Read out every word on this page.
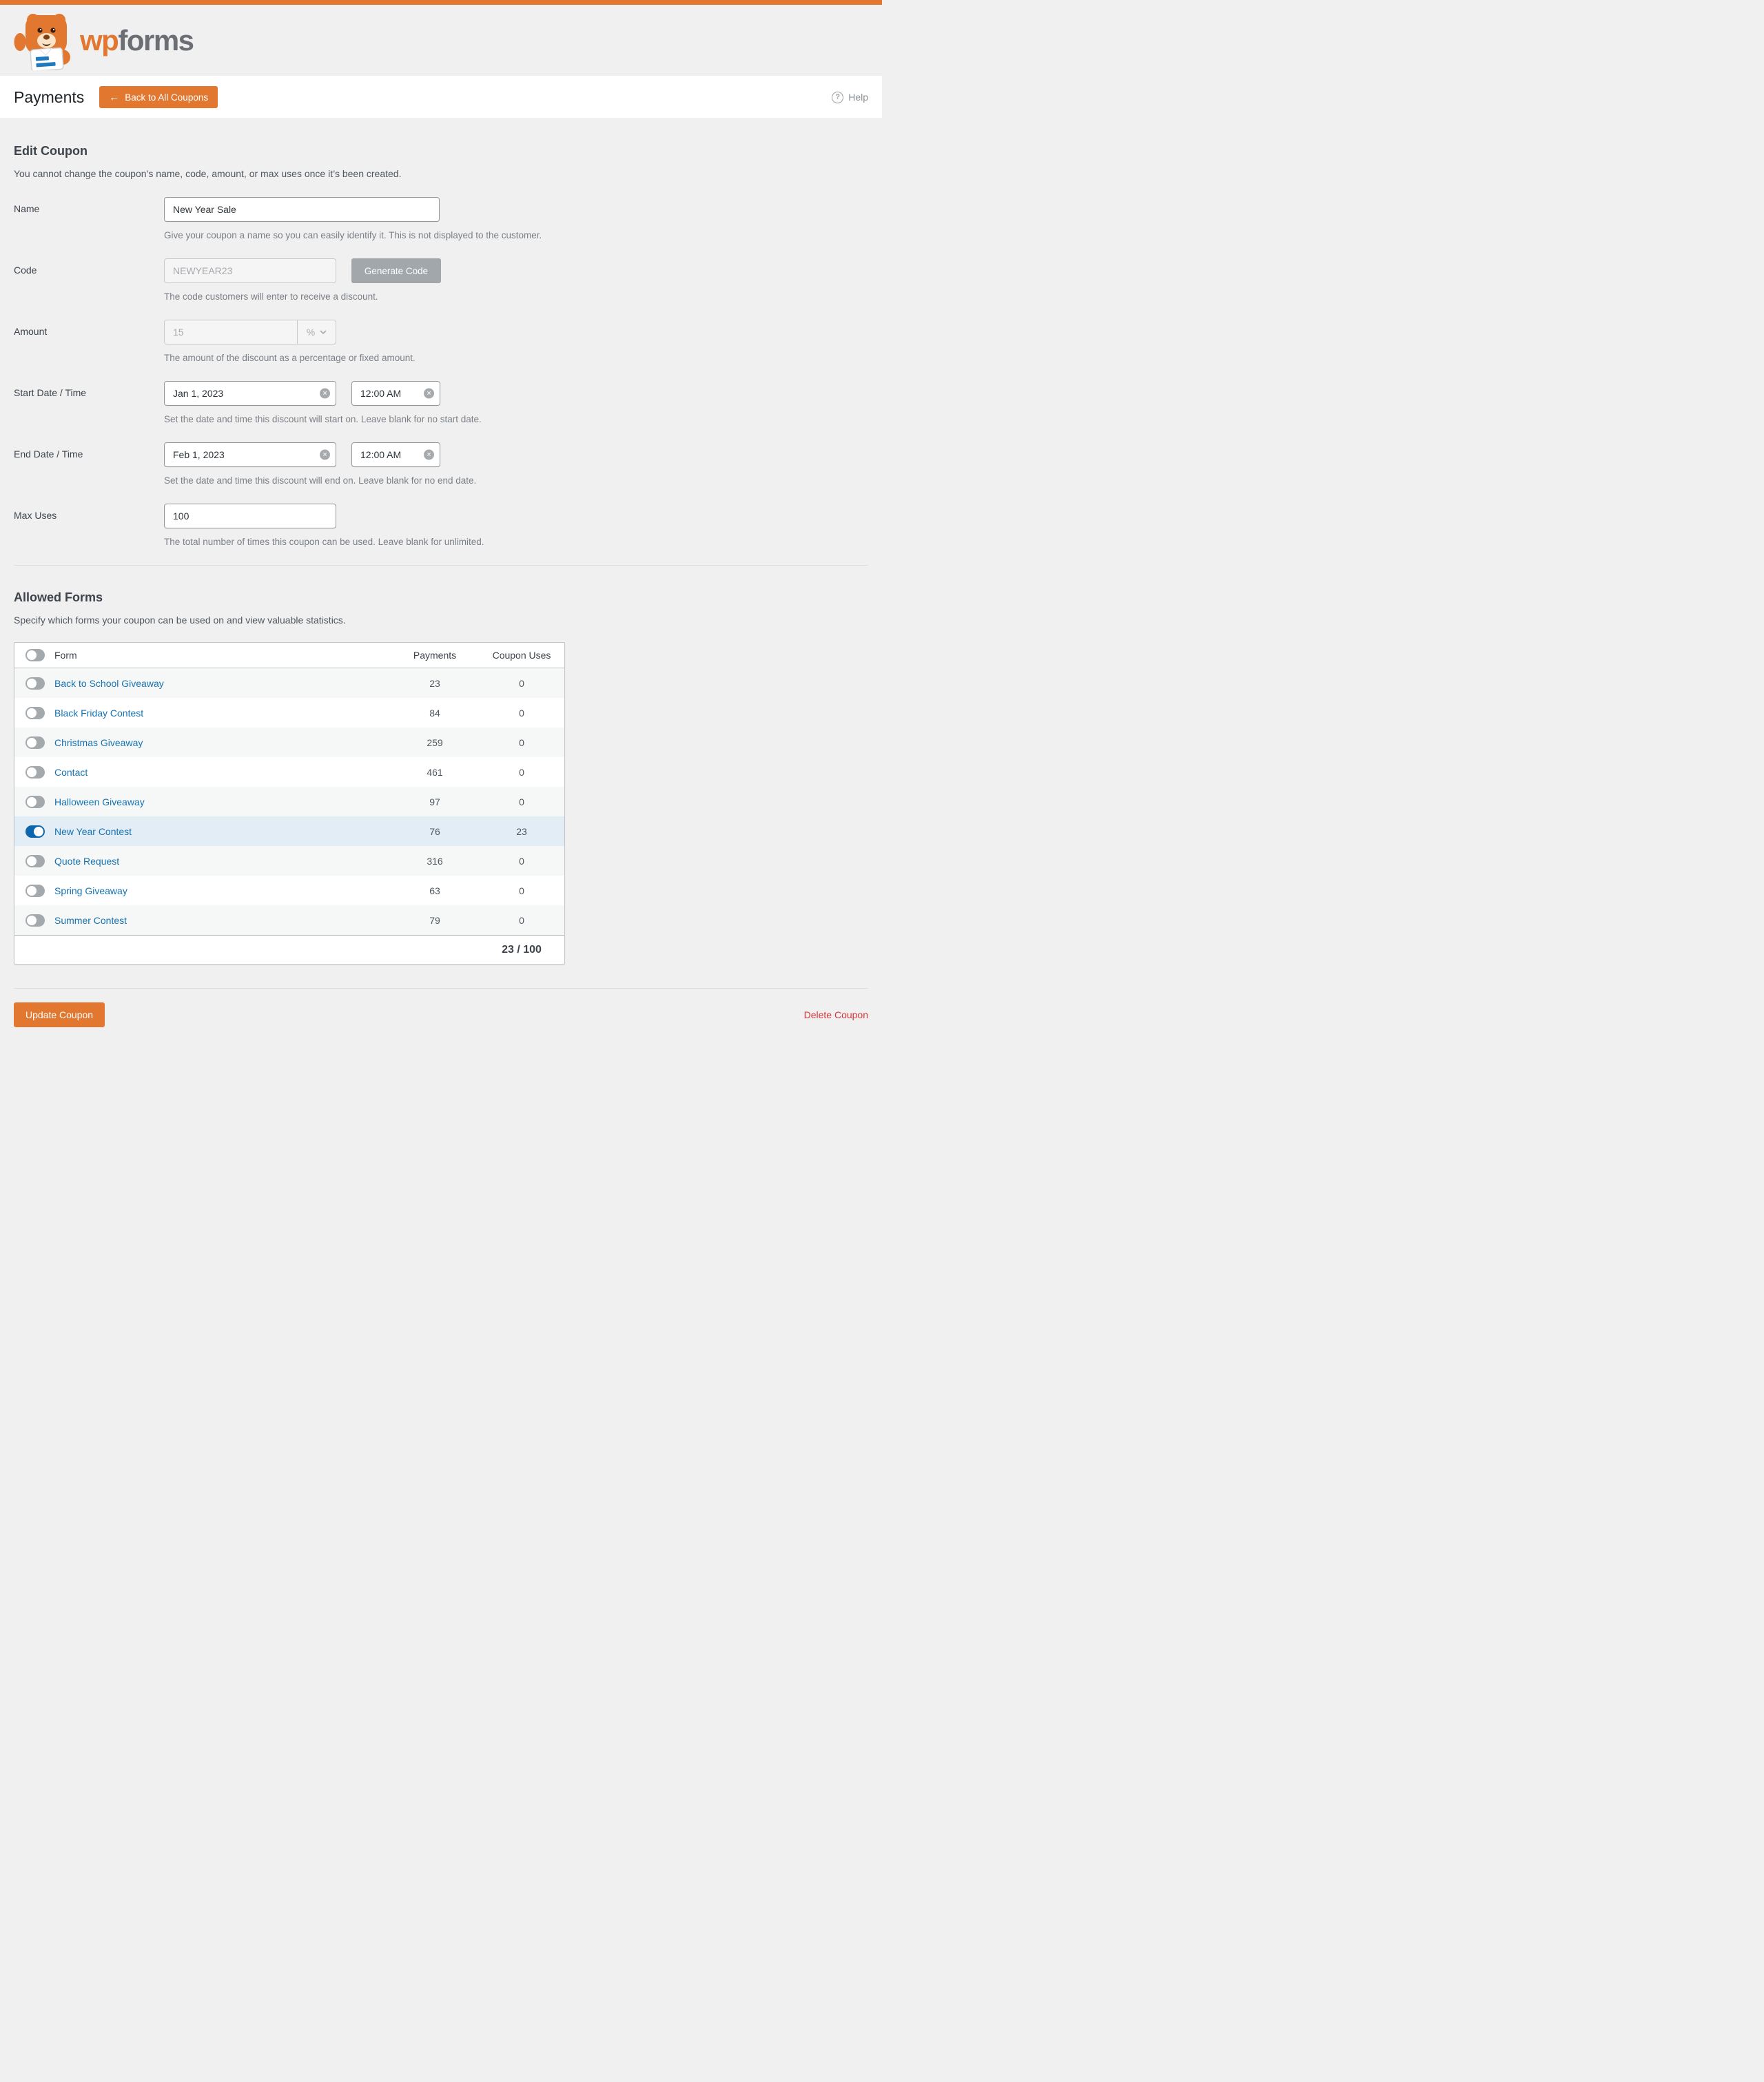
wpforms
Payments ← Back to All Coupons	? Help
Edit Coupon

You cannot change the coupon’s name, code, amount, or max uses once it’s been created.

Name
New Year Sale
Give your coupon a name so you can easily identify it. This is not displayed to the customer.
Code
NEWYEAR23	Generate Code
The code customers will enter to receive a discount.
Amount	15	%
The amount of the discount as a percentage or fixed amount.
Start Date / Time
Jan 1, 2023	✕
12:00 AM	✕
Set the date and time this discount will start on. Leave blank for no start date.
End Date / Time
Feb 1, 2023	✕
12:00 AM	✕
Set the date and time this discount will end on. Leave blank for no end date.
Max Uses
100
The total number of times this coupon can be used. Leave blank for unlimited.
Allowed Forms

Specify which forms your coupon can be used on and view valuable statistics.

Form	Payments	Coupon Uses
Back to School Giveaway	23	0
Black Friday Contest	84	0
Christmas Giveaway	259	0
Contact	461	0
Halloween Giveaway	97	0
New Year Contest	76	23
Quote Request	316	0
Spring Giveaway	63	0
Summer Contest	79	0
23 / 100
Update Coupon	Delete Coupon
